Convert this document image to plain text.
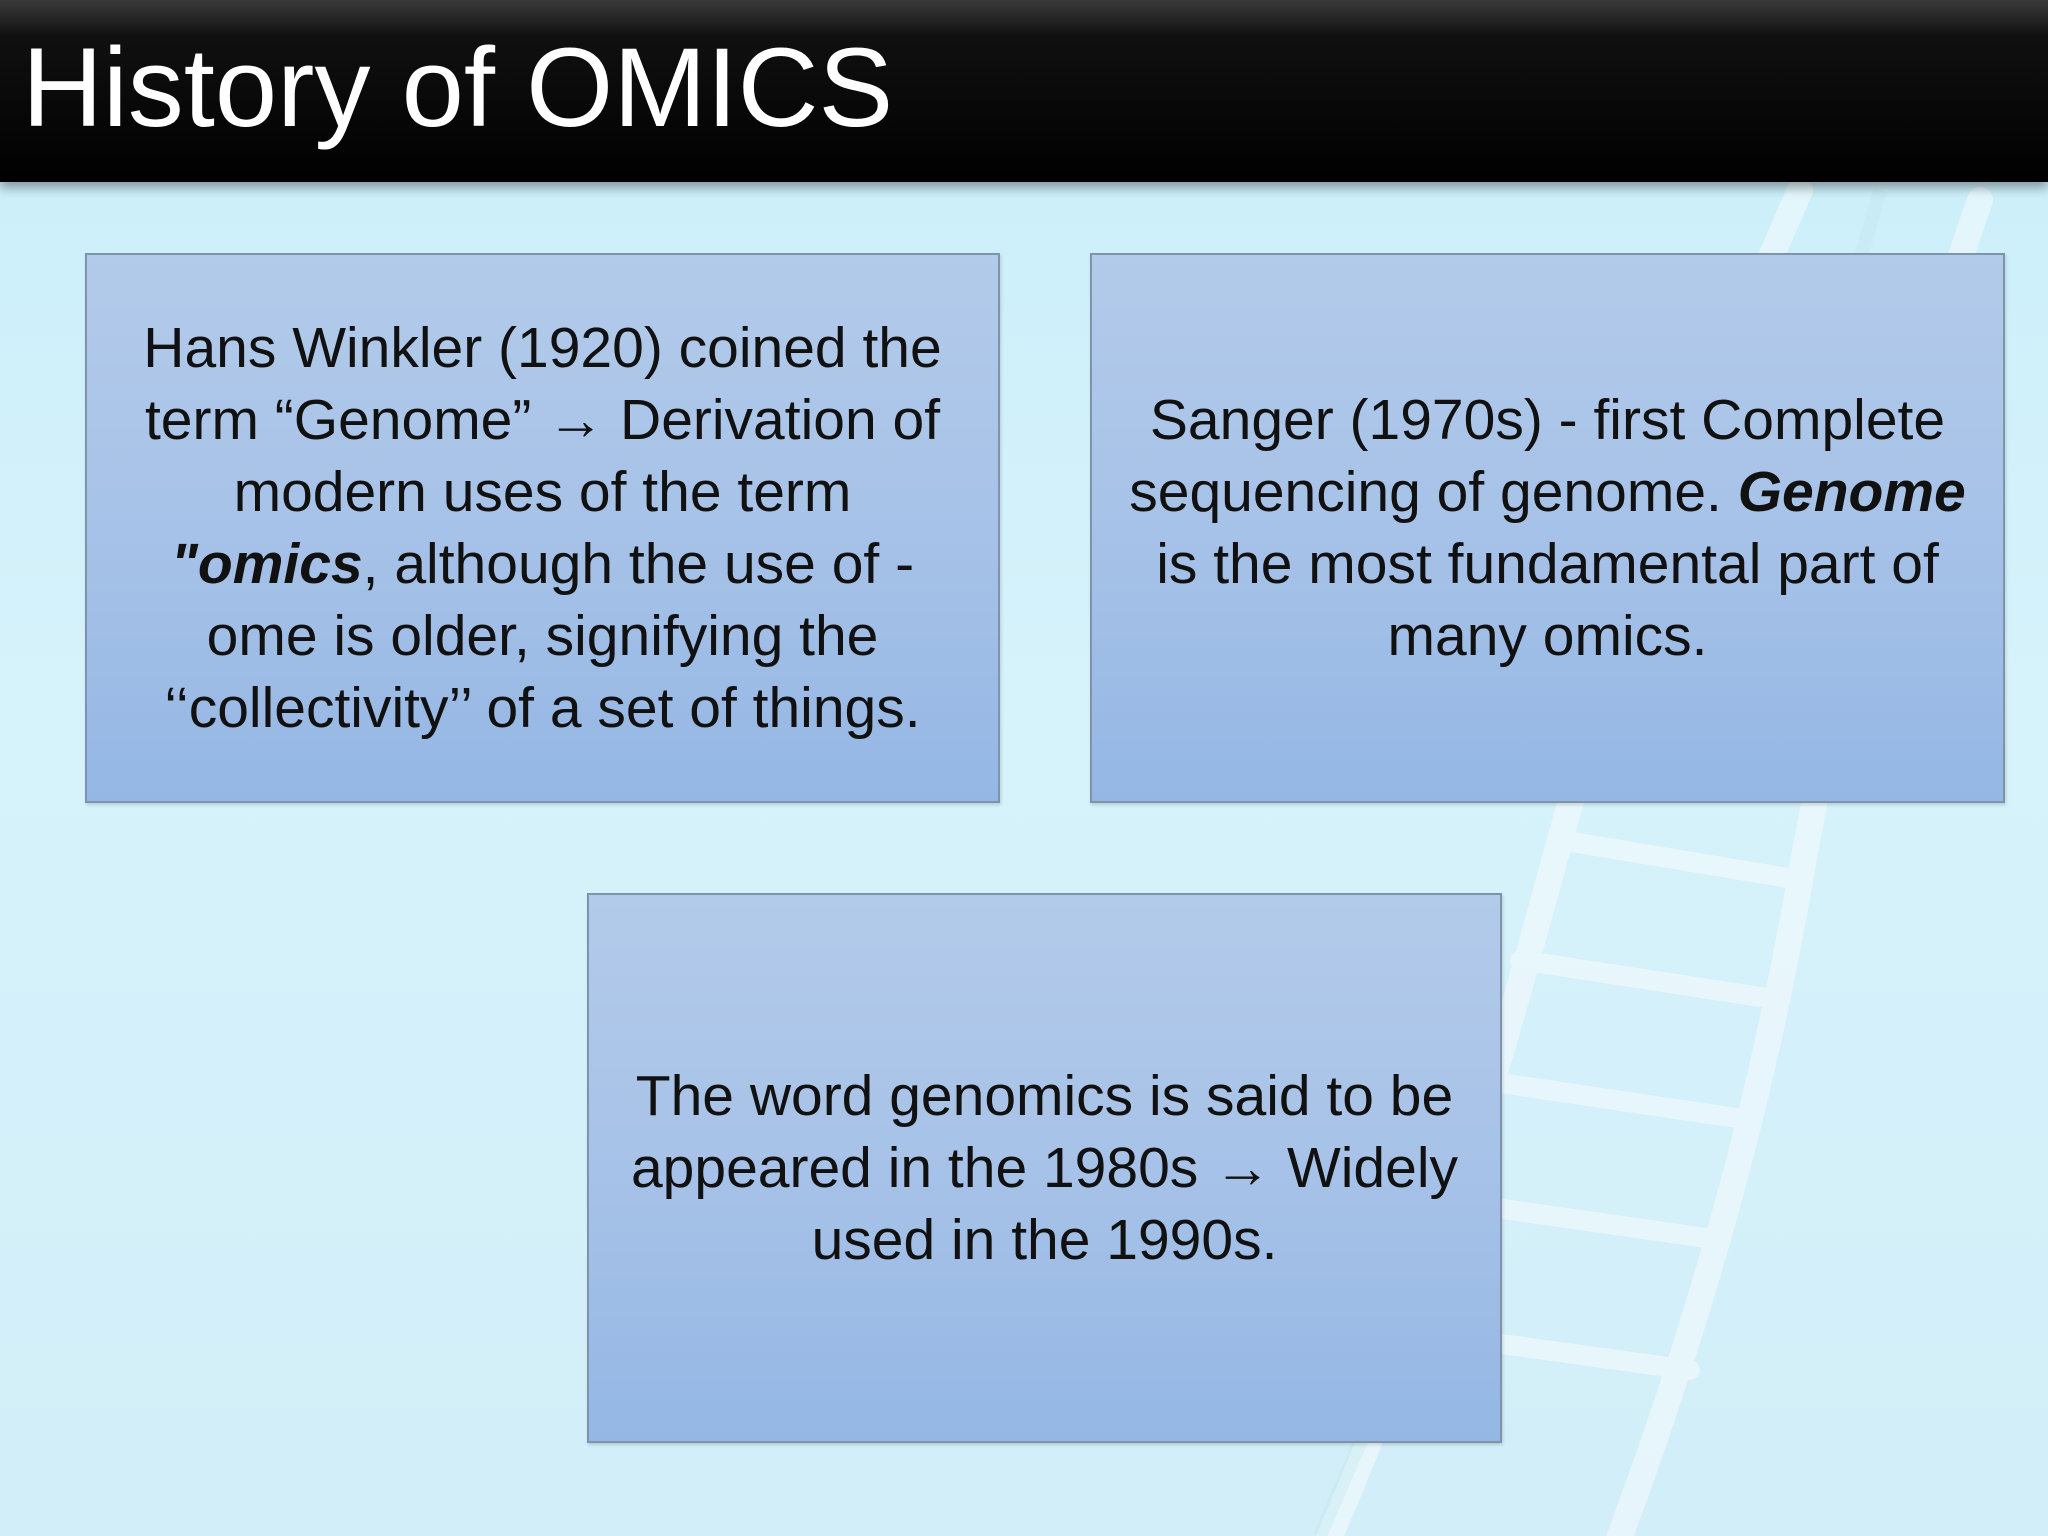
History of OMICS

Hans Winkler (1920) coined the
term “Genome” → Derivation of
modern uses of the term
"omics, although the use of -
ome is older, signifying the
‘‘collectivity’’ of a set of things.

Sanger (1970s) - first Complete
sequencing of genome. Genome
is the most fundamental part of
many omics.

The word genomics is said to be
appeared in the 1980s → Widely
used in the 1990s.
